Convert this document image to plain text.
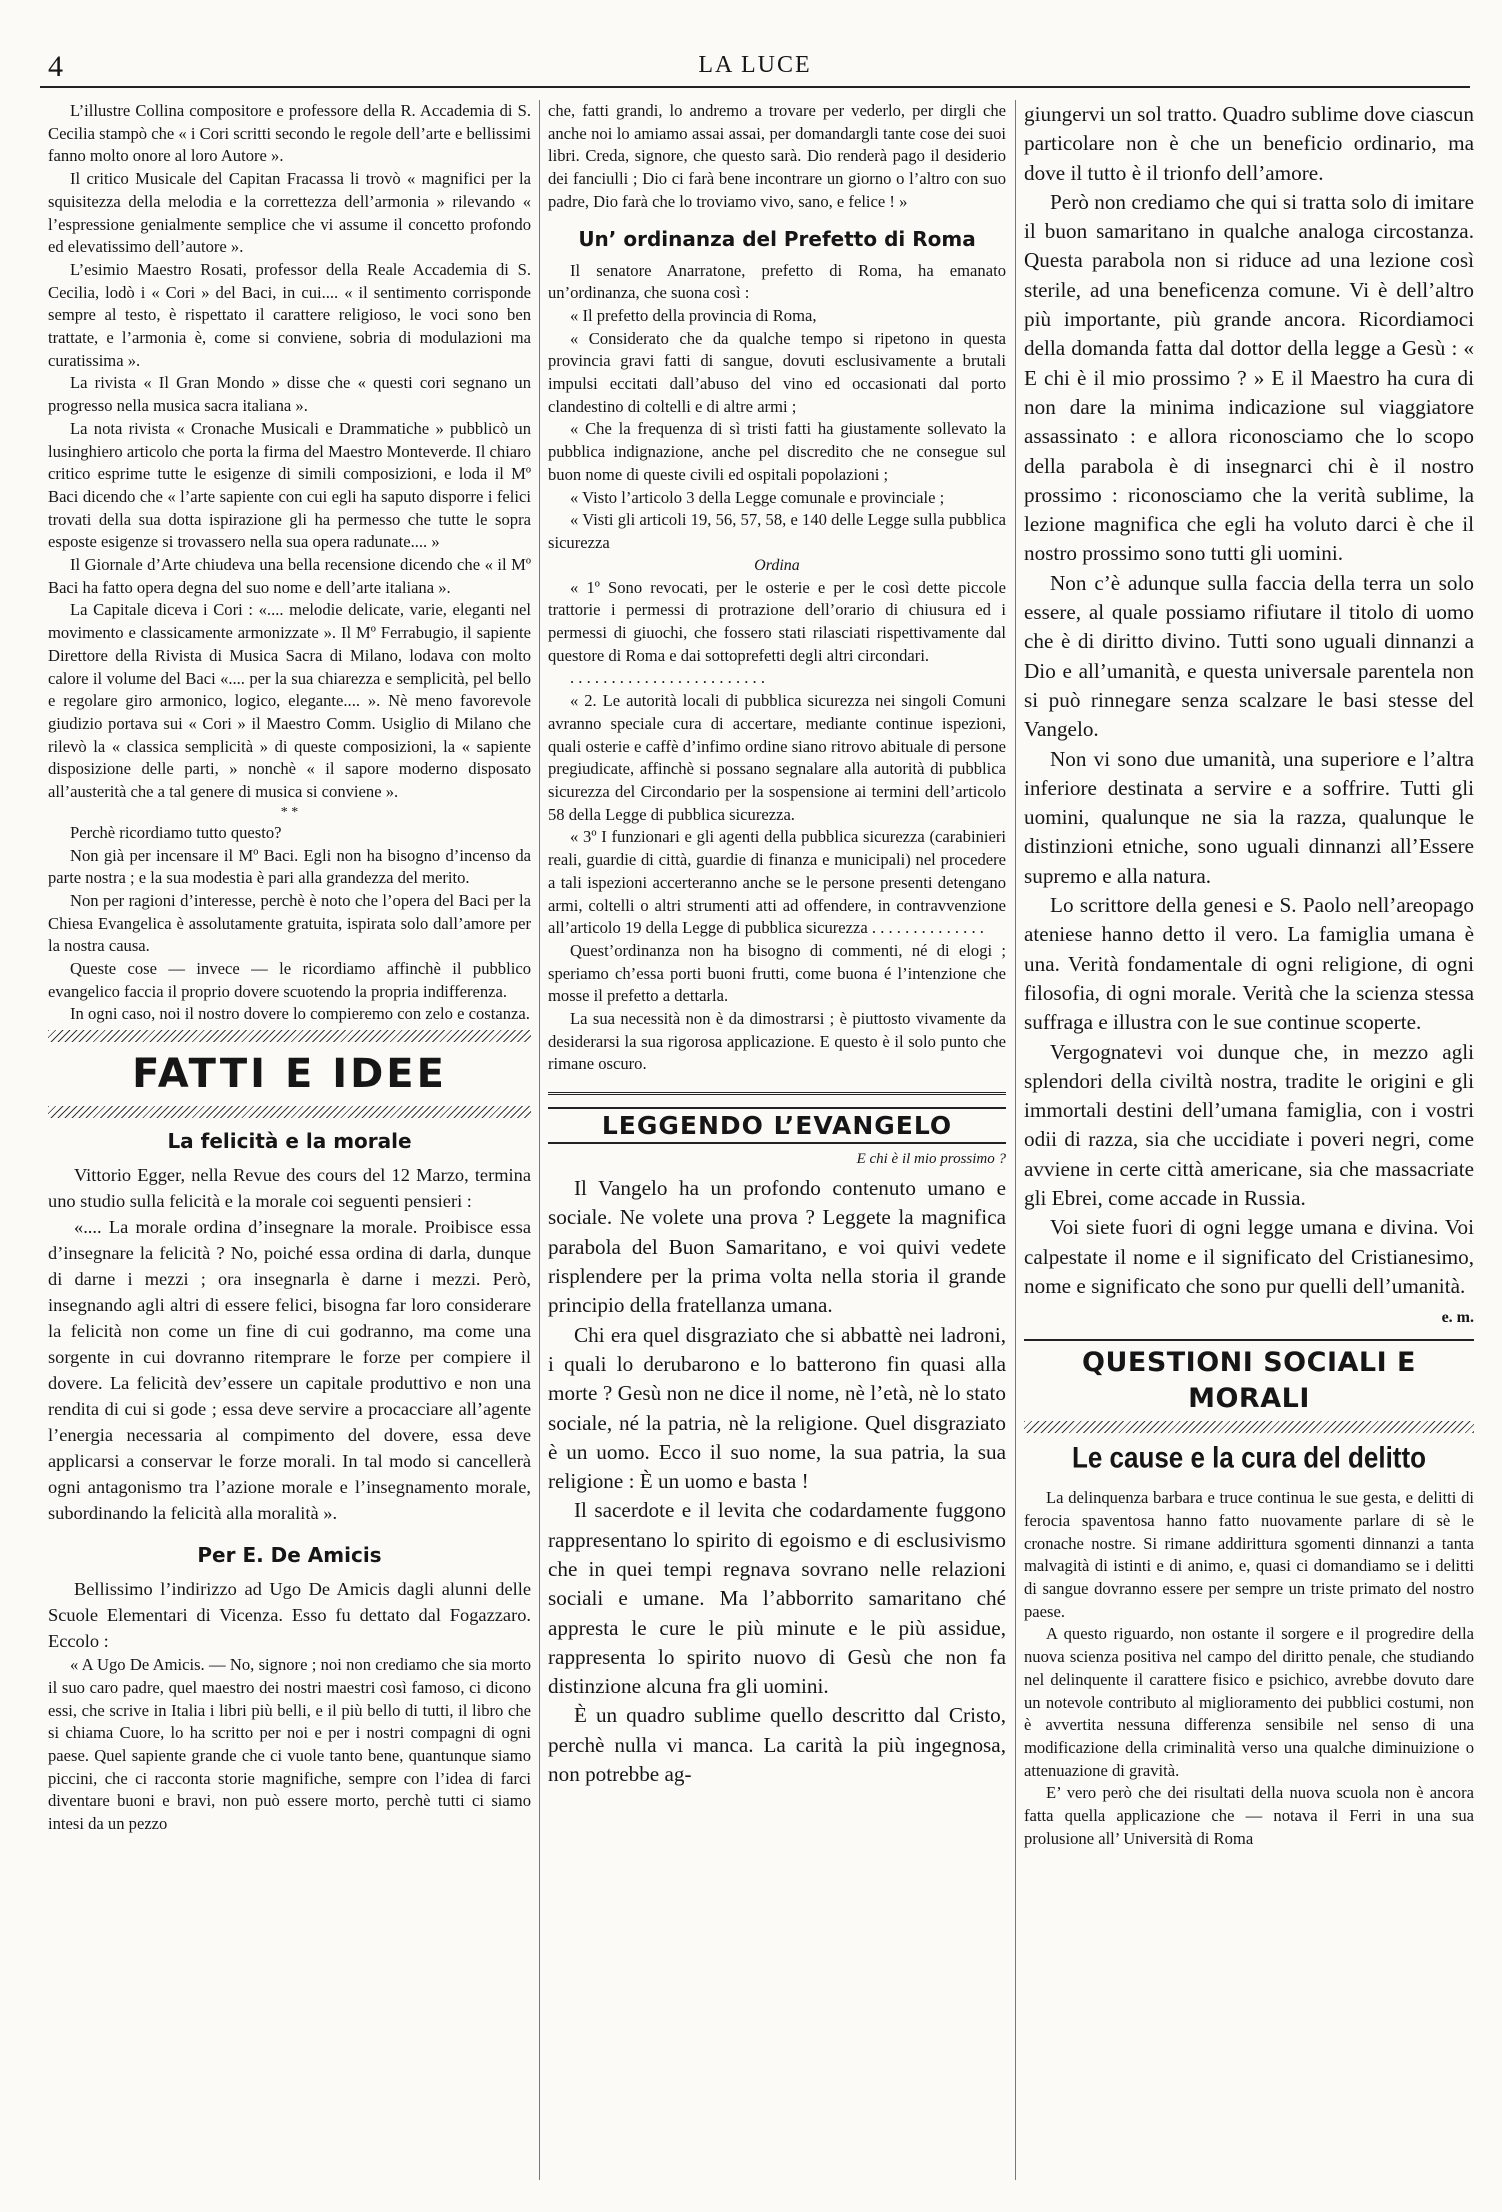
4	LA LUCE

L’illustre Collina compositore e professore della R. Accademia di S. Cecilia stampò che « i Cori scritti secondo le regole dell’arte e bellissimi fanno molto onore al loro Autore ».

Il critico Musicale del Capitan Fracassa li trovò « magnifici per la squisitezza della melodia e la correttezza dell’armonia » rilevando « l’espressione genialmente semplice che vi assume il concetto profondo ed elevatissimo dell’autore ».

L’esimio Maestro Rosati, professor della Reale Accademia di S. Cecilia, lodò i « Cori » del Baci, in cui.... « il sentimento corrisponde sempre al testo, è rispettato il carattere religioso, le voci sono ben trattate, e l’armonia è, come si conviene, sobria di modulazioni ma curatissima ».

La rivista « Il Gran Mondo » disse che « questi cori segnano un progresso nella musica sacra italiana ».

La nota rivista « Cronache Musicali e Drammatiche » pubblicò un lusinghiero articolo che porta la firma del Maestro Monteverde. Il chiaro critico esprime tutte le esigenze di simili composizioni, e loda il Mº Baci dicendo che « l’arte sapiente con cui egli ha saputo disporre i felici trovati della sua dotta ispirazione gli ha permesso che tutte le sopra esposte esigenze si trovassero nella sua opera radunate.... »

Il Giornale d’Arte chiudeva una bella recensione dicendo che « il Mº Baci ha fatto opera degna del suo nome e dell’arte italiana ».

La Capitale diceva i Cori : «.... melodie delicate, varie, eleganti nel movimento e classicamente armonizzate ». Il Mº Ferrabugio, il sapiente Direttore della Rivista di Musica Sacra di Milano, lodava con molto calore il volume del Baci «.... per la sua chiarezza e semplicità, pel bello e regolare giro armonico, logico, elegante.... ». Nè meno favorevole giudizio portava sui « Cori » il Maestro Comm. Usiglio di Milano che rilevò la « classica semplicità » di queste composizioni, la « sapiente disposizione delle parti, » nonchè « il sapore moderno disposato all’austerità che a tal genere di musica si conviene ».

* *

Perchè ricordiamo tutto questo?

Non già per incensare il Mº Baci. Egli non ha bisogno d’incenso da parte nostra ; e la sua modestia è pari alla grandezza del merito.

Non per ragioni d’interesse, perchè è noto che l’opera del Baci per la Chiesa Evangelica è assolutamente gratuita, ispirata solo dall’amore per la nostra causa.

Queste cose — invece — le ricordiamo affinchè il pubblico evangelico faccia il proprio dovere scuotendo la propria indifferenza.

In ogni caso, noi il nostro dovere lo compieremo con zelo e costanza.

FATTI E IDEE
La felicità e la morale

Vittorio Egger, nella Revue des cours del 12 Marzo, termina uno studio sulla felicità e la morale coi seguenti pensieri :

«.... La morale ordina d’insegnare la morale. Proibisce essa d’insegnare la felicità ? No, poiché essa ordina di darla, dunque di darne i mezzi ; ora insegnarla è darne i mezzi. Però, insegnando agli altri di essere felici, bisogna far loro considerare la felicità non come un fine di cui godranno, ma come una sorgente in cui dovranno ritemprare le forze per compiere il dovere. La felicità dev’essere un capitale produttivo e non una rendita di cui si gode ; essa deve servire a procacciare all’agente l’energia necessaria al compimento del dovere, essa deve applicarsi a conservar le forze morali. In tal modo si cancellerà ogni antagonismo tra l’azione morale e l’insegnamento morale, subordinando la felicità alla moralità ».

Per E. De Amicis

Bellissimo l’indirizzo ad Ugo De Amicis dagli alunni delle Scuole Elementari di Vicenza. Esso fu dettato dal Fogazzaro. Eccolo :

« A Ugo De Amicis. — No, signore ; noi non crediamo che sia morto il suo caro padre, quel maestro dei nostri maestri così famoso, ci dicono essi, che scrive in Italia i libri più belli, e il più bello di tutti, il libro che si chiama Cuore, lo ha scritto per noi e per i nostri compagni di ogni paese. Quel sapiente grande che ci vuole tanto bene, quantunque siamo piccini, che ci racconta storie magnifiche, sempre con l’idea di farci diventare buoni e bravi, non può essere morto, perchè tutti ci siamo intesi da un pezzo

che, fatti grandi, lo andremo a trovare per vederlo, per dirgli che anche noi lo amiamo assai assai, per domandargli tante cose dei suoi libri. Creda, signore, che questo sarà. Dio renderà pago il desiderio dei fanciulli ; Dio ci farà bene incontrare un giorno o l’altro con suo padre, Dio farà che lo troviamo vivo, sano, e felice ! »

Un’ ordinanza del Prefetto di Roma

Il senatore Anarratone, prefetto di Roma, ha emanato un’ordinanza, che suona così :

« Il prefetto della provincia di Roma,

« Considerato che da qualche tempo si ripetono in questa provincia gravi fatti di sangue, dovuti esclusivamente a brutali impulsi eccitati dall’abuso del vino ed occasionati dal porto clandestino di coltelli e di altre armi ;

« Che la frequenza di sì tristi fatti ha giustamente sollevato la pubblica indignazione, anche pel discredito che ne consegue sul buon nome di queste civili ed ospitali popolazioni ;

« Visto l’articolo 3 della Legge comunale e provinciale ;

« Visti gli articoli 19, 56, 57, 58, e 140 delle Legge sulla pubblica sicurezza

Ordina

« 1º Sono revocati, per le osterie e per le così dette piccole trattorie i permessi di protrazione dell’orario di chiusura ed i permessi di giuochi, che fossero stati rilasciati rispettivamente dal questore di Roma e dai sottoprefetti degli altri circondari.

. . . . . . . . . . . . . . . . . . . . . . . .

« 2. Le autorità locali di pubblica sicurezza nei singoli Comuni avranno speciale cura di accertare, mediante continue ispezioni, quali osterie e caffè d’infimo ordine siano ritrovo abituale di persone pregiudicate, affinchè si possano segnalare alla autorità di pubblica sicurezza del Circondario per la sospensione ai termini dell’articolo 58 della Legge di pubblica sicurezza.

« 3º I funzionari e gli agenti della pubblica sicurezza (carabinieri reali, guardie di città, guardie di finanza e municipali) nel procedere a tali ispezioni accerteranno anche se le persone presenti detengano armi, coltelli o altri strumenti atti ad offendere, in contravvenzione all’articolo 19 della Legge di pubblica sicurezza . . . . . . . . . . . . . .

Quest’ordinanza non ha bisogno di commenti, né di elogi ; speriamo ch’essa porti buoni frutti, come buona é l’intenzione che mosse il prefetto a dettarla.

La sua necessità non è da dimostrarsi ; è piuttosto vivamente da desiderarsi la sua rigorosa applicazione. E questo è il solo punto che rimane oscuro.

LEGGENDO L’EVANGELO
E chi è il mio prossimo ?

Il Vangelo ha un profondo contenuto umano e sociale. Ne volete una prova ? Leggete la magnifica parabola del Buon Samaritano, e voi quivi vedete risplendere per la prima volta nella storia il grande principio della fratellanza umana.

Chi era quel disgraziato che si abbattè nei ladroni, i quali lo derubarono e lo batterono fin quasi alla morte ? Gesù non ne dice il nome, nè l’età, nè lo stato sociale, né la patria, nè la religione. Quel disgraziato è un uomo. Ecco il suo nome, la sua patria, la sua religione : È un uomo e basta !

Il sacerdote e il levita che codardamente fuggono rappresentano lo spirito di egoismo e di esclusivismo che in quei tempi regnava sovrano nelle relazioni sociali e umane. Ma l’abborrito samaritano ché appresta le cure le più minute e le più assidue, rappresenta lo spirito nuovo di Gesù che non fa distinzione alcuna fra gli uomini.

È un quadro sublime quello descritto dal Cristo, perchè nulla vi manca. La carità la più ingegnosa, non potrebbe ag-

giungervi un sol tratto. Quadro sublime dove ciascun particolare non è che un beneficio ordinario, ma dove il tutto è il trionfo dell’amore.

Però non crediamo che qui si tratta solo di imitare il buon samaritano in qualche analoga circostanza. Questa parabola non si riduce ad una lezione così sterile, ad una beneficenza comune. Vi è dell’altro più importante, più grande ancora. Ricordiamoci della domanda fatta dal dottor della legge a Gesù : « E chi è il mio prossimo ? » E il Maestro ha cura di non dare la minima indicazione sul viaggiatore assassinato : e allora riconosciamo che lo scopo della parabola è di insegnarci chi è il nostro prossimo : riconosciamo che la verità sublime, la lezione magnifica che egli ha voluto darci è che il nostro prossimo sono tutti gli uomini.

Non c’è adunque sulla faccia della terra un solo essere, al quale possiamo rifiutare il titolo di uomo che è di diritto divino. Tutti sono uguali dinnanzi a Dio e all’umanità, e questa universale parentela non si può rinnegare senza scalzare le basi stesse del Vangelo.

Non vi sono due umanità, una superiore e l’altra inferiore destinata a servire e a soffrire. Tutti gli uomini, qualunque ne sia la razza, qualunque le distinzioni etniche, sono uguali dinnanzi all’Essere supremo e alla natura.

Lo scrittore della genesi e S. Paolo nell’areopago ateniese hanno detto il vero. La famiglia umana è una. Verità fondamentale di ogni religione, di ogni filosofia, di ogni morale. Verità che la scienza stessa suffraga e illustra con le sue continue scoperte.

Vergognatevi voi dunque che, in mezzo agli splendori della civiltà nostra, tradite le origini e gli immortali destini dell’umana famiglia, con i vostri odii di razza, sia che uccidiate i poveri negri, come avviene in certe città americane, sia che massacriate gli Ebrei, come accade in Russia.

Voi siete fuori di ogni legge umana e divina. Voi calpestate il nome e il significato del Cristianesimo, nome e significato che sono pur quelli dell’umanità.

e. m.
QUESTIONI SOCIALI E MORALI
Le cause e la cura del delitto

La delinquenza barbara e truce continua le sue gesta, e delitti di ferocia spaventosa hanno fatto nuovamente parlare di sè le cronache nostre. Si rimane addirittura sgomenti dinnanzi a tanta malvagità di istinti e di animo, e, quasi ci domandiamo se i delitti di sangue dovranno essere per sempre un triste primato del nostro paese.

A questo riguardo, non ostante il sorgere e il progredire della nuova scienza positiva nel campo del diritto penale, che studiando nel delinquente il carattere fisico e psichico, avrebbe dovuto dare un notevole contributo al miglioramento dei pubblici costumi, non è avvertita nessuna differenza sensibile nel senso di una modificazione della criminalità verso una qualche diminuizione o attenuazione di gravità.

E’ vero però che dei risultati della nuova scuola non è ancora fatta quella applicazione che — notava il Ferri in una sua prolusione all’ Università di Roma
